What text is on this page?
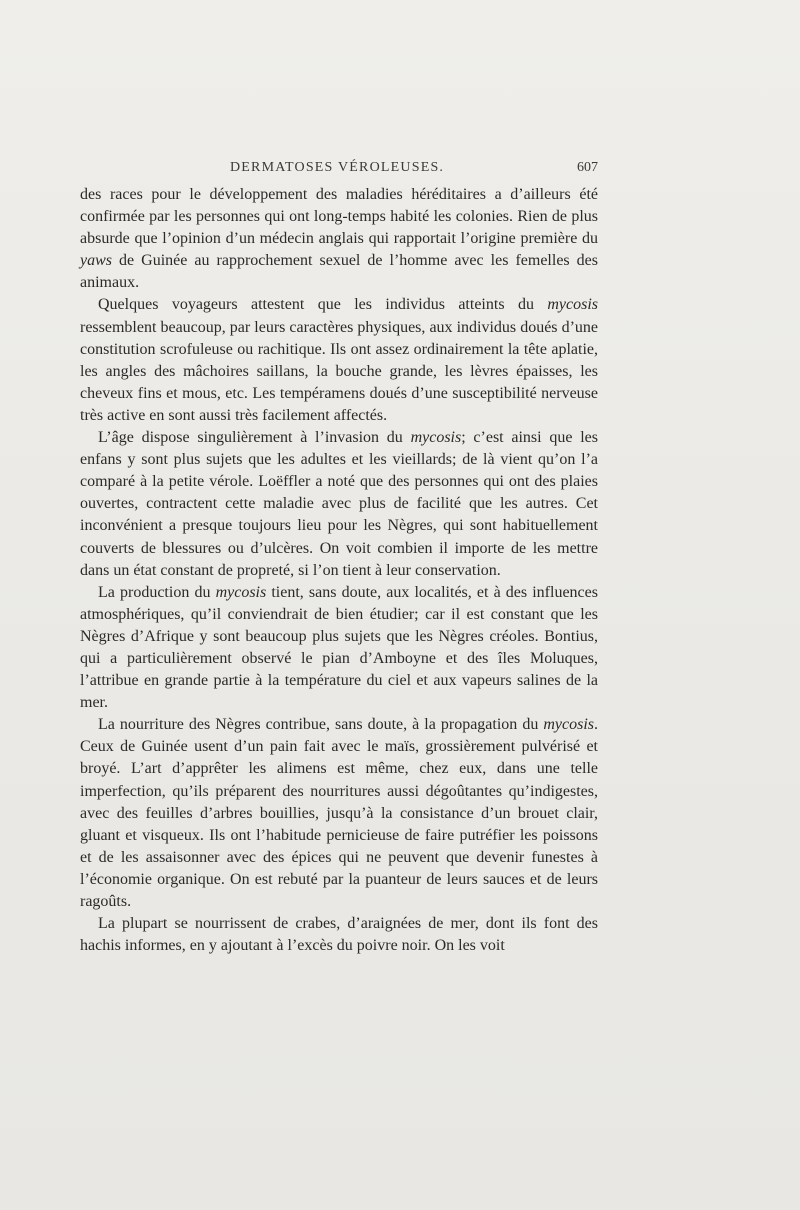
DERMATOSES VÉROLEUSES.	607

des races pour le développement des maladies héréditaires a d’ailleurs été confirmée par les personnes qui ont long-temps habité les colonies. Rien de plus absurde que l’opinion d’un médecin anglais qui rapportait l’origine première du yaws de Guinée au rapprochement sexuel de l’homme avec les femelles des animaux.

Quelques voyageurs attestent que les individus atteints du mycosis ressemblent beaucoup, par leurs caractères physiques, aux individus doués d’une constitution scrofuleuse ou rachitique. Ils ont assez ordinairement la tête aplatie, les angles des mâchoires saillans, la bouche grande, les lèvres épaisses, les cheveux fins et mous, etc. Les tempéramens doués d’une susceptibilité nerveuse très active en sont aussi très facilement affectés.

L’âge dispose singulièrement à l’invasion du mycosis; c’est ainsi que les enfans y sont plus sujets que les adultes et les vieillards; de là vient qu’on l’a comparé à la petite vérole. Loëffler a noté que des personnes qui ont des plaies ouvertes, contractent cette maladie avec plus de facilité que les autres. Cet inconvénient a presque toujours lieu pour les Nègres, qui sont habituellement couverts de blessures ou d’ulcères. On voit combien il importe de les mettre dans un état constant de propreté, si l’on tient à leur conservation.

La production du mycosis tient, sans doute, aux localités, et à des influences atmosphériques, qu’il conviendrait de bien étudier; car il est constant que les Nègres d’Afrique y sont beaucoup plus sujets que les Nègres créoles. Bontius, qui a particulièrement observé le pian d’Amboyne et des îles Moluques, l’attribue en grande partie à la température du ciel et aux vapeurs salines de la mer.

La nourriture des Nègres contribue, sans doute, à la propagation du mycosis. Ceux de Guinée usent d’un pain fait avec le maïs, grossièrement pulvérisé et broyé. L’art d’apprêter les alimens est même, chez eux, dans une telle imperfection, qu’ils préparent des nourritures aussi dégoûtantes qu’indigestes, avec des feuilles d’arbres bouillies, jusqu’à la consistance d’un brouet clair, gluant et visqueux. Ils ont l’habitude pernicieuse de faire putréfier les poissons et de les assaisonner avec des épices qui ne peuvent que devenir funestes à l’économie organique. On est rebuté par la puanteur de leurs sauces et de leurs ragoûts.

La plupart se nourrissent de crabes, d’araignées de mer, dont ils font des hachis informes, en y ajoutant à l’excès du poivre noir. On les voit
